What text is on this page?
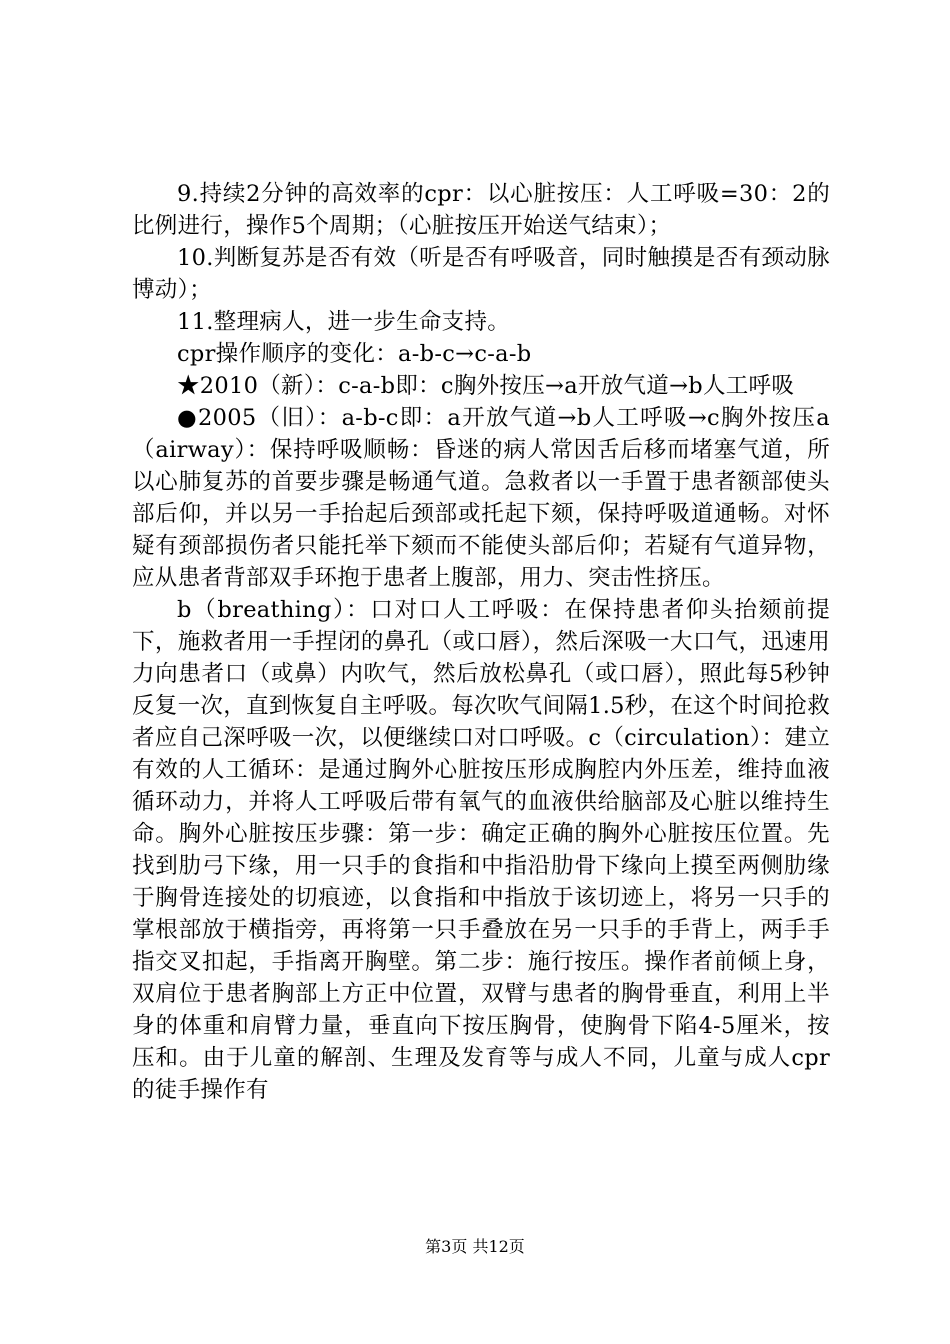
9.持续2分钟的高效率的cpr：以心脏按压：人工呼吸=30：2的比例进行，操作5个周期；（心脏按压开始送气结束）；

10.判断复苏是否有效（听是否有呼吸音，同时触摸是否有颈动脉博动）；

11.整理病人，进一步生命支持。

cpr操作顺序的变化：a-b-c→c-a-b

★2010（新）：c-a-b即：c胸外按压→a开放气道→b人工呼吸

●2005（旧）：a-b-c即：a开放气道→b人工呼吸→c胸外按压a（airway）：保持呼吸顺畅：昏迷的病人常因舌后移而堵塞气道，所以心肺复苏的首要步骤是畅通气道。急救者以一手置于患者额部使头部后仰，并以另一手抬起后颈部或托起下颏，保持呼吸道通畅。对怀疑有颈部损伤者只能托举下颏而不能使头部后仰；若疑有气道异物，应从患者背部双手环抱于患者上腹部，用力、突击性挤压。

b（breathing）：口对口人工呼吸：在保持患者仰头抬颏前提下，施救者用一手捏闭的鼻孔（或口唇），然后深吸一大口气，迅速用力向患者口（或鼻）内吹气，然后放松鼻孔（或口唇），照此每5秒钟反复一次，直到恢复自主呼吸。每次吹气间隔1.5秒，在这个时间抢救者应自己深呼吸一次，以便继续口对口呼吸。c（circulation）：建立有效的人工循环：是通过胸外心脏按压形成胸腔内外压差，维持血液循环动力，并将人工呼吸后带有氧气的血液供给脑部及心脏以维持生命。胸外心脏按压步骤：第一步：确定正确的胸外心脏按压位置。先找到肋弓下缘，用一只手的食指和中指沿肋骨下缘向上摸至两侧肋缘于胸骨连接处的切痕迹，以食指和中指放于该切迹上，将另一只手的掌根部放于横指旁，再将第一只手叠放在另一只手的手背上，两手手指交叉扣起，手指离开胸壁。第二步：施行按压。操作者前倾上身，双肩位于患者胸部上方正中位置，双臂与患者的胸骨垂直，利用上半身的体重和肩臂力量，垂直向下按压胸骨，使胸骨下陷4-5厘米，按压和。由于儿童的解剖、生理及发育等与成人不同，儿童与成人cpr的徒手操作有

第3页 共12页
